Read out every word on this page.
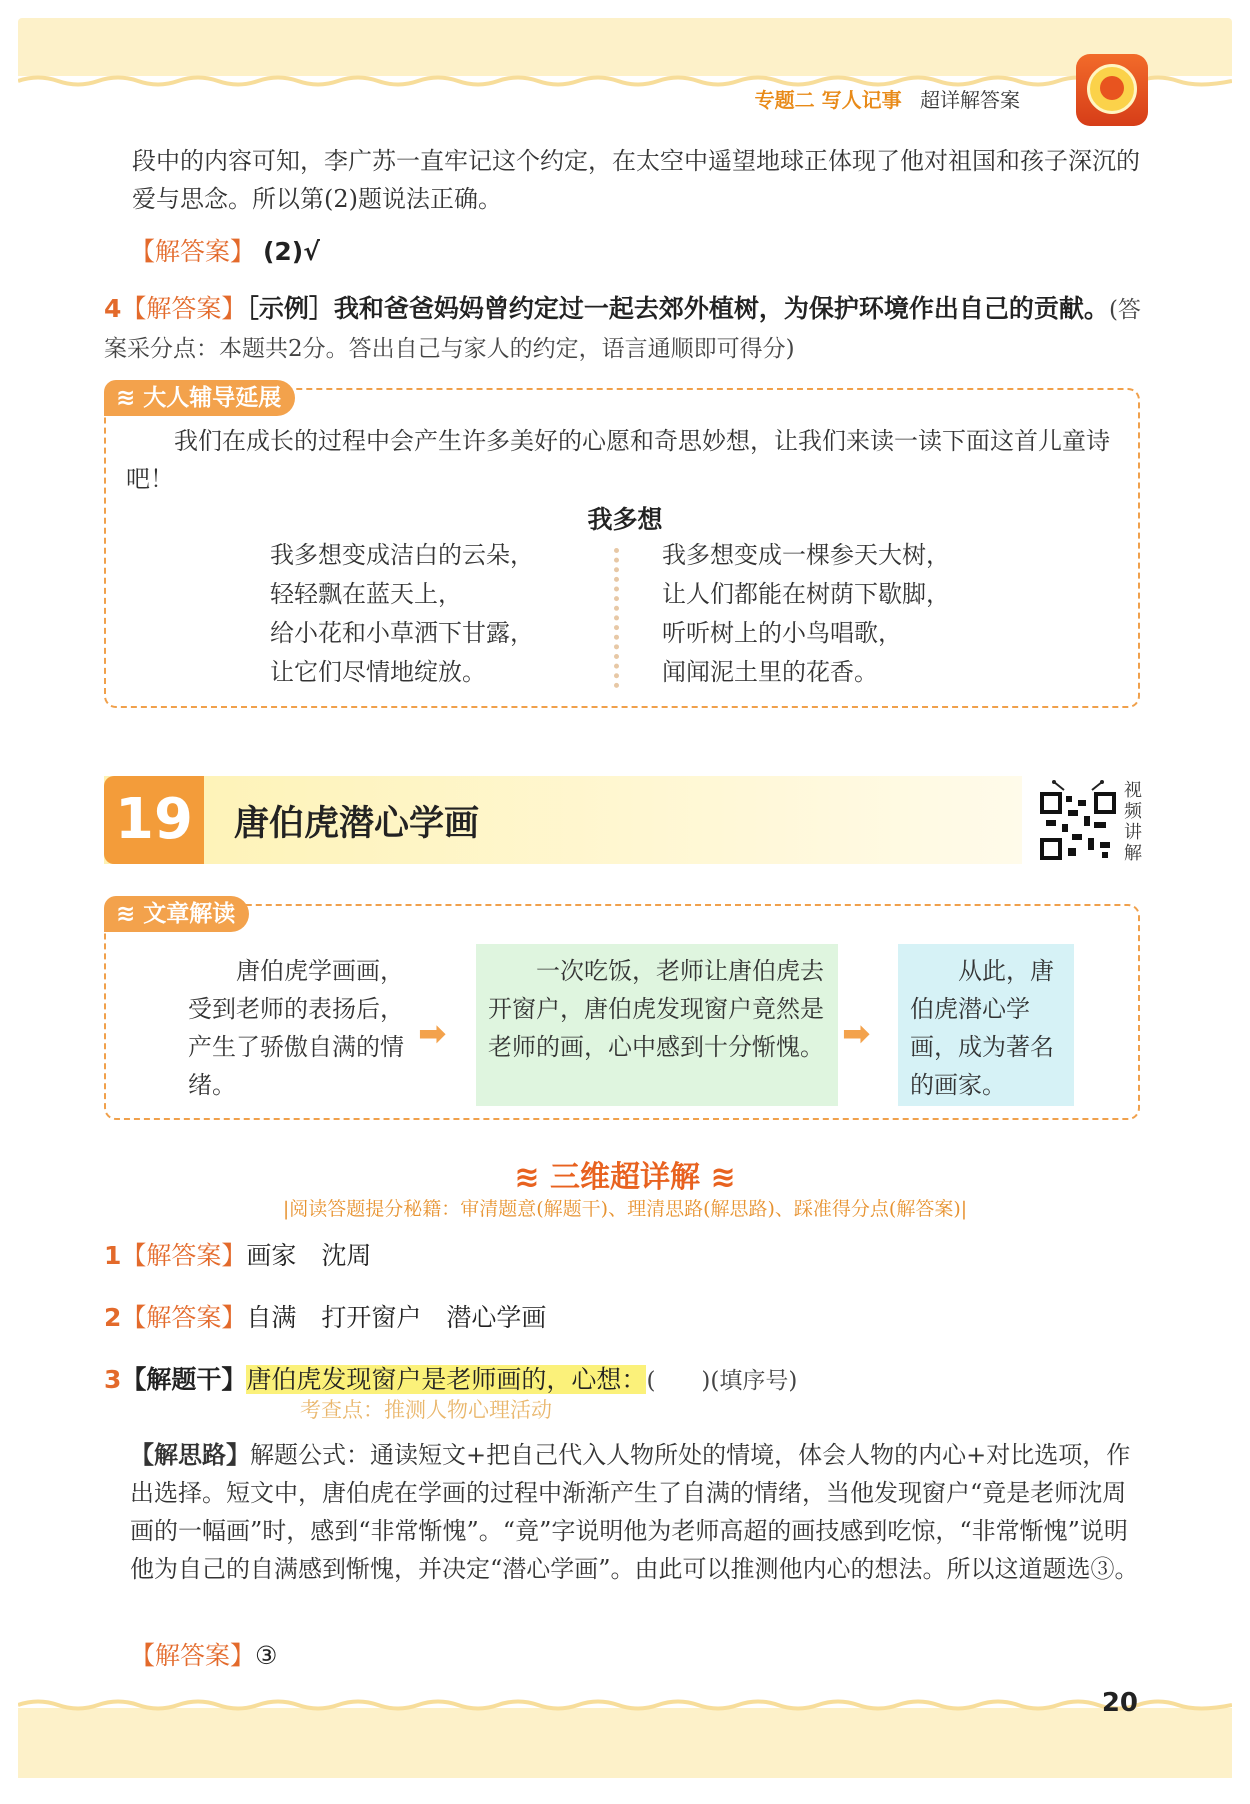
专题二 写人记事 超详解答案

段中的内容可知，李广苏一直牢记这个约定，在太空中遥望地球正体现了他对祖国和孩子深沉的爱与思念。所以第(2)题说法正确。

【解答案】 (2)√
4【解答案】［示例］我和爸爸妈妈曾约定过一起去郊外植树，为保护环境作出自己的贡献。(答案采分点：本题共2分。答出自己与家人的约定，语言通顺即可得分)
≋ 大人辅导延展

我们在成长的过程中会产生许多美好的心愿和奇思妙想，让我们来读一读下面这首儿童诗吧！

我多想
我多想变成洁白的云朵，
轻轻飘在蓝天上，
给小花和小草洒下甘露，
让它们尽情地绽放。
我多想变成一棵参天大树，
让人们都能在树荫下歇脚，
听听树上的小鸟唱歌，
闻闻泥土里的花香。
19	唐伯虎潜心学画
视频讲解
≋ 文章解读
唐伯虎学画画，受到老师的表扬后，产生了骄傲自满的情绪。
➡
一次吃饭，老师让唐伯虎去开窗户，唐伯虎发现窗户竟然是老师的画，心中感到十分惭愧。 ➡
从此，唐伯虎潜心学画，成为著名的画家。
≋ 三维超详解 ≋
|阅读答题提分秘籍：审清题意(解题干)、理清思路(解思路)、踩准得分点(解答案)|
1【解答案】画家　沈周
2【解答案】自满　打开窗户　潜心学画
3【解题干】唐伯虎发现窗户是老师画的，心想：(　　)(填序号)
考查点：推测人物心理活动
【解思路】解题公式：通读短文+把自己代入人物所处的情境，体会人物的内心+对比选项，作出选择。短文中，唐伯虎在学画的过程中渐渐产生了自满的情绪，当他发现窗户“竟是老师沈周画的一幅画”时，感到“非常惭愧”。“竟”字说明他为老师高超的画技感到吃惊，“非常惭愧”说明他为自己的自满感到惭愧，并决定“潜心学画”。由此可以推测他内心的想法。所以这道题选③。
【解答案】③
20
